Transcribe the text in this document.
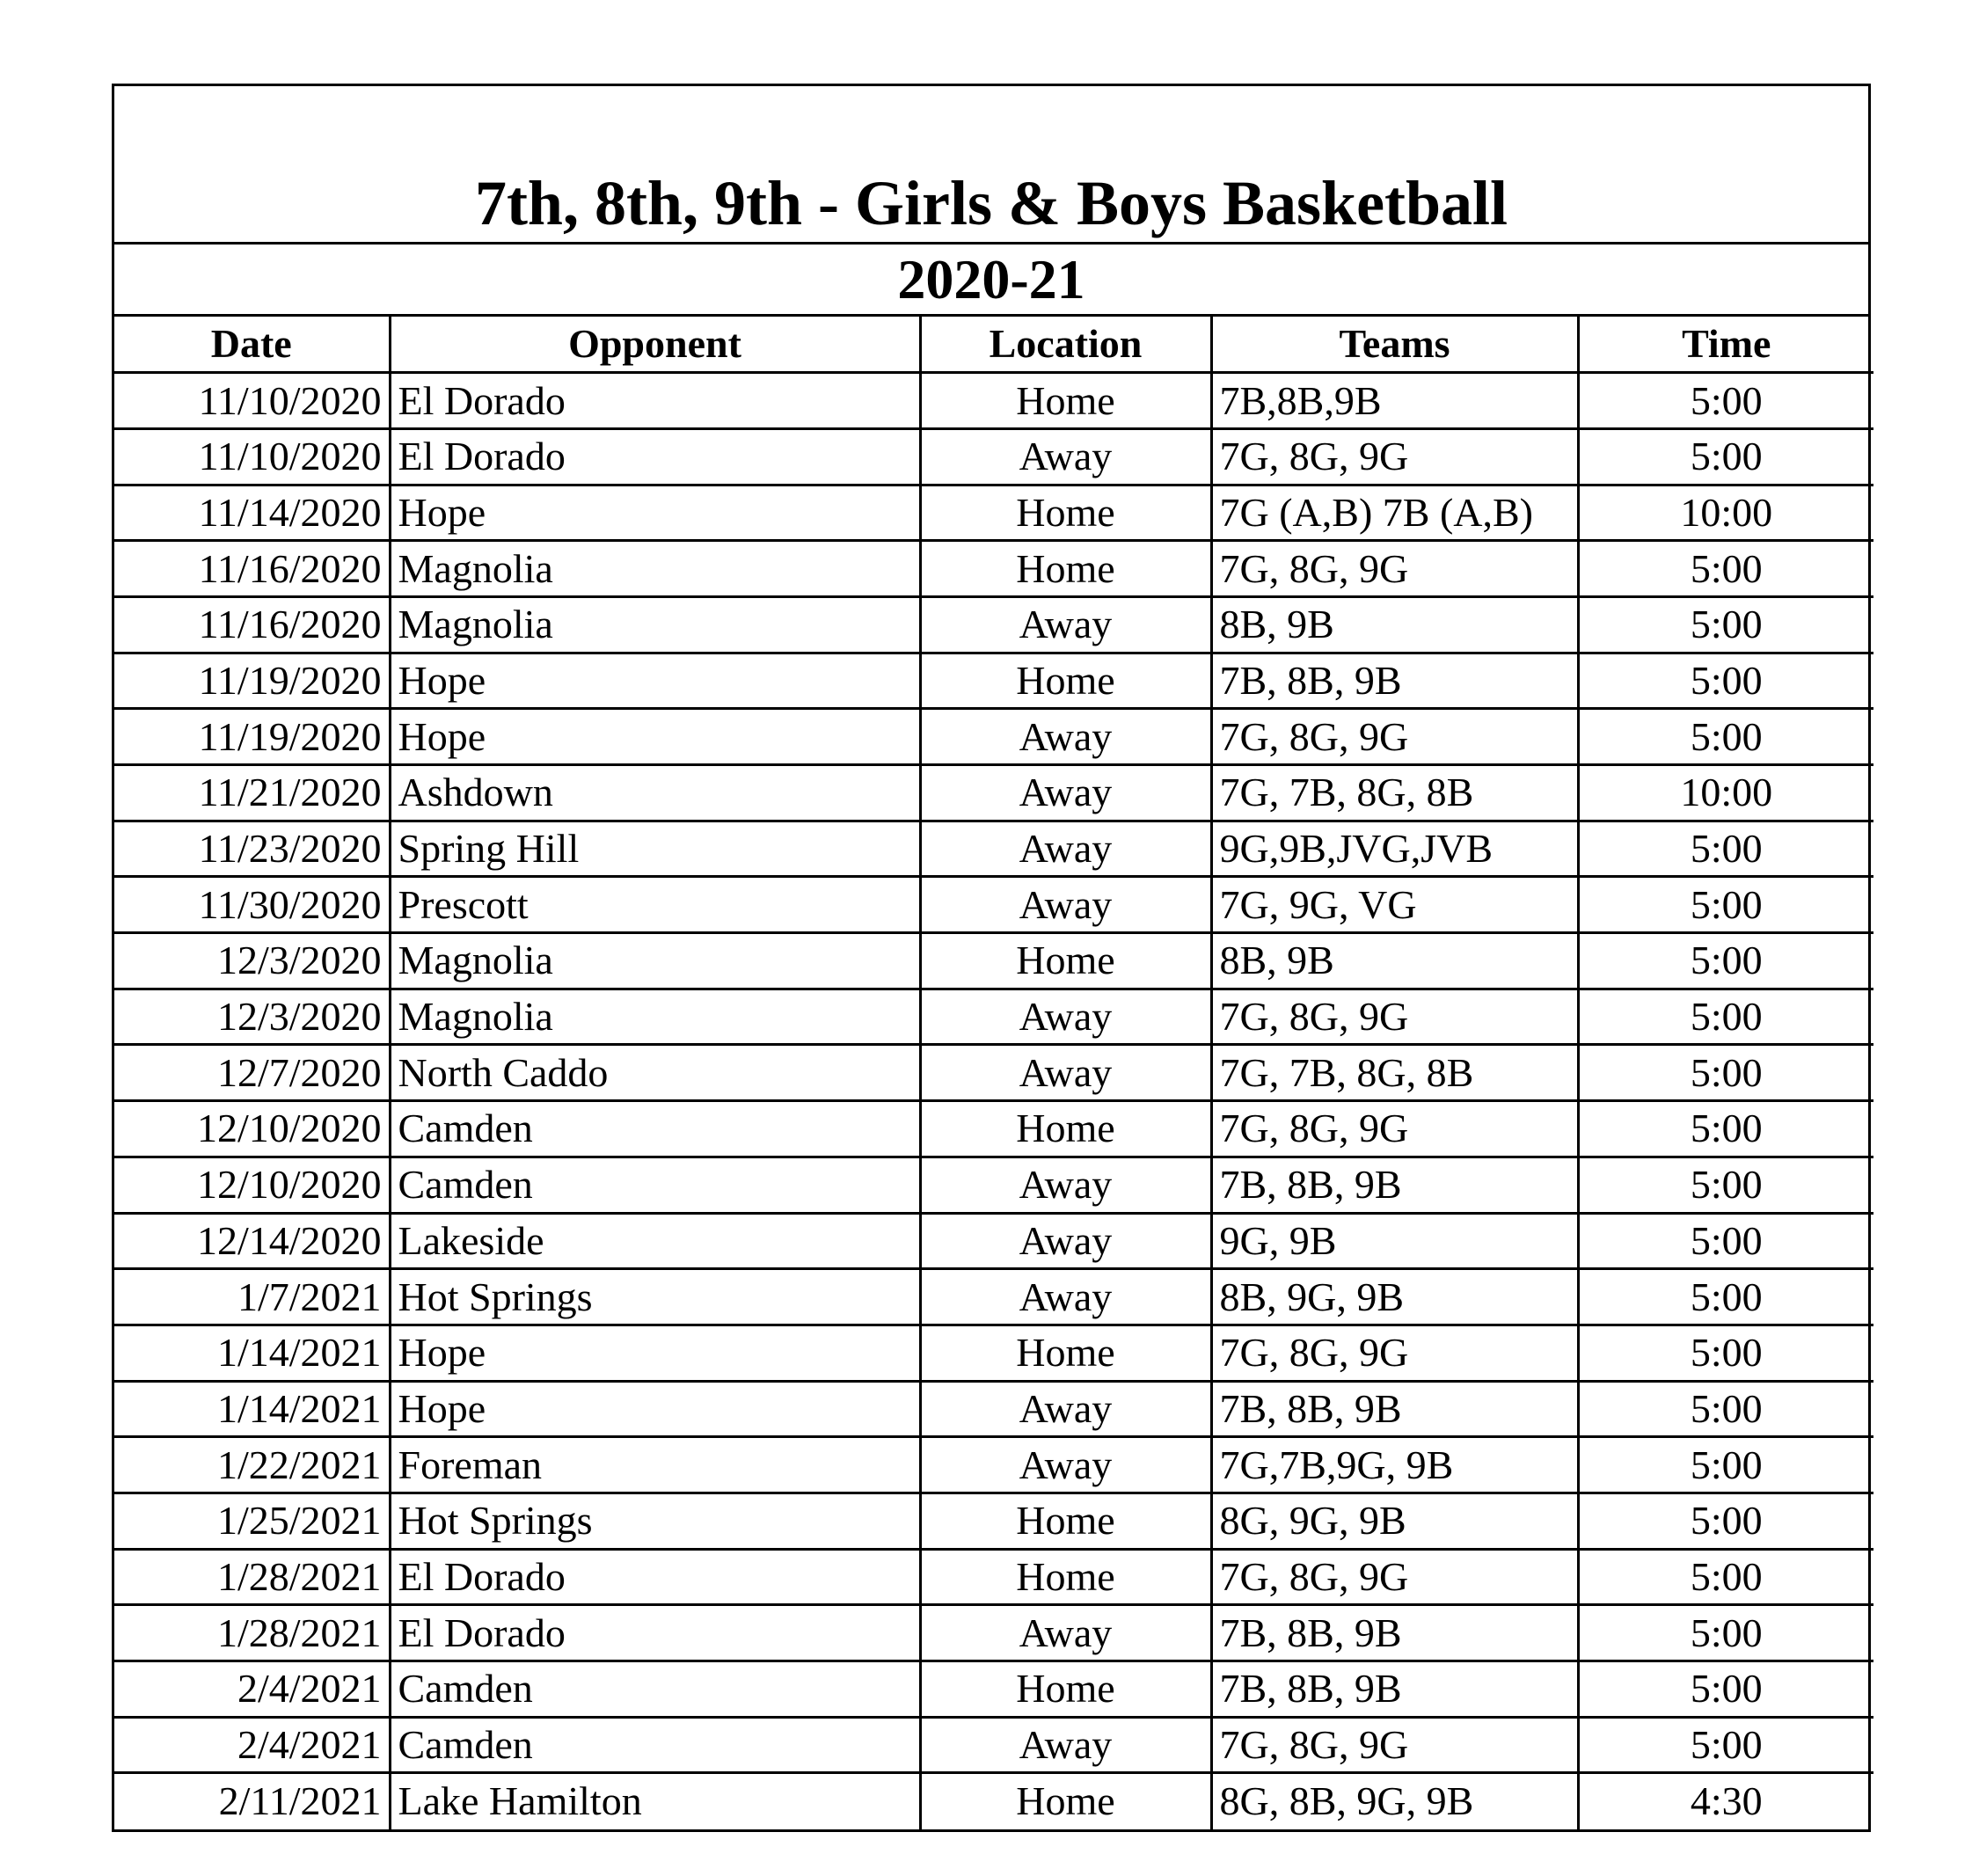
7th, 8th, 9th - Girls & Boys Basketball
2020-21
Date	Opponent	Location	Teams	Time
11/10/2020	El Dorado	Home	7B,8B,9B	5:00
11/10/2020	El Dorado	Away	7G, 8G, 9G	5:00
11/14/2020	Hope	Home	7G (A,B) 7B (A,B)	10:00
11/16/2020	Magnolia	Home	7G, 8G, 9G	5:00
11/16/2020	Magnolia	Away	8B, 9B	5:00
11/19/2020	Hope	Home	7B, 8B, 9B	5:00
11/19/2020	Hope	Away	7G, 8G, 9G	5:00
11/21/2020	Ashdown	Away	7G, 7B, 8G, 8B	10:00
11/23/2020	Spring Hill	Away	9G,9B,JVG,JVB	5:00
11/30/2020	Prescott	Away	7G, 9G, VG	5:00
12/3/2020	Magnolia	Home	8B, 9B	5:00
12/3/2020	Magnolia	Away	7G, 8G, 9G	5:00
12/7/2020	North Caddo	Away	7G, 7B, 8G, 8B	5:00
12/10/2020	Camden	Home	7G, 8G, 9G	5:00
12/10/2020	Camden	Away	7B, 8B, 9B	5:00
12/14/2020	Lakeside	Away	9G, 9B	5:00
1/7/2021	Hot Springs	Away	8B, 9G, 9B	5:00
1/14/2021	Hope	Home	7G, 8G, 9G	5:00
1/14/2021	Hope	Away	7B, 8B, 9B	5:00
1/22/2021	Foreman	Away	7G,7B,9G, 9B	5:00
1/25/2021	Hot Springs	Home	8G, 9G, 9B	5:00
1/28/2021	El Dorado	Home	7G, 8G, 9G	5:00
1/28/2021	El Dorado	Away	7B, 8B, 9B	5:00
2/4/2021	Camden	Home	7B, 8B, 9B	5:00
2/4/2021	Camden	Away	7G, 8G, 9G	5:00
2/11/2021	Lake Hamilton	Home	8G, 8B, 9G, 9B	4:30
